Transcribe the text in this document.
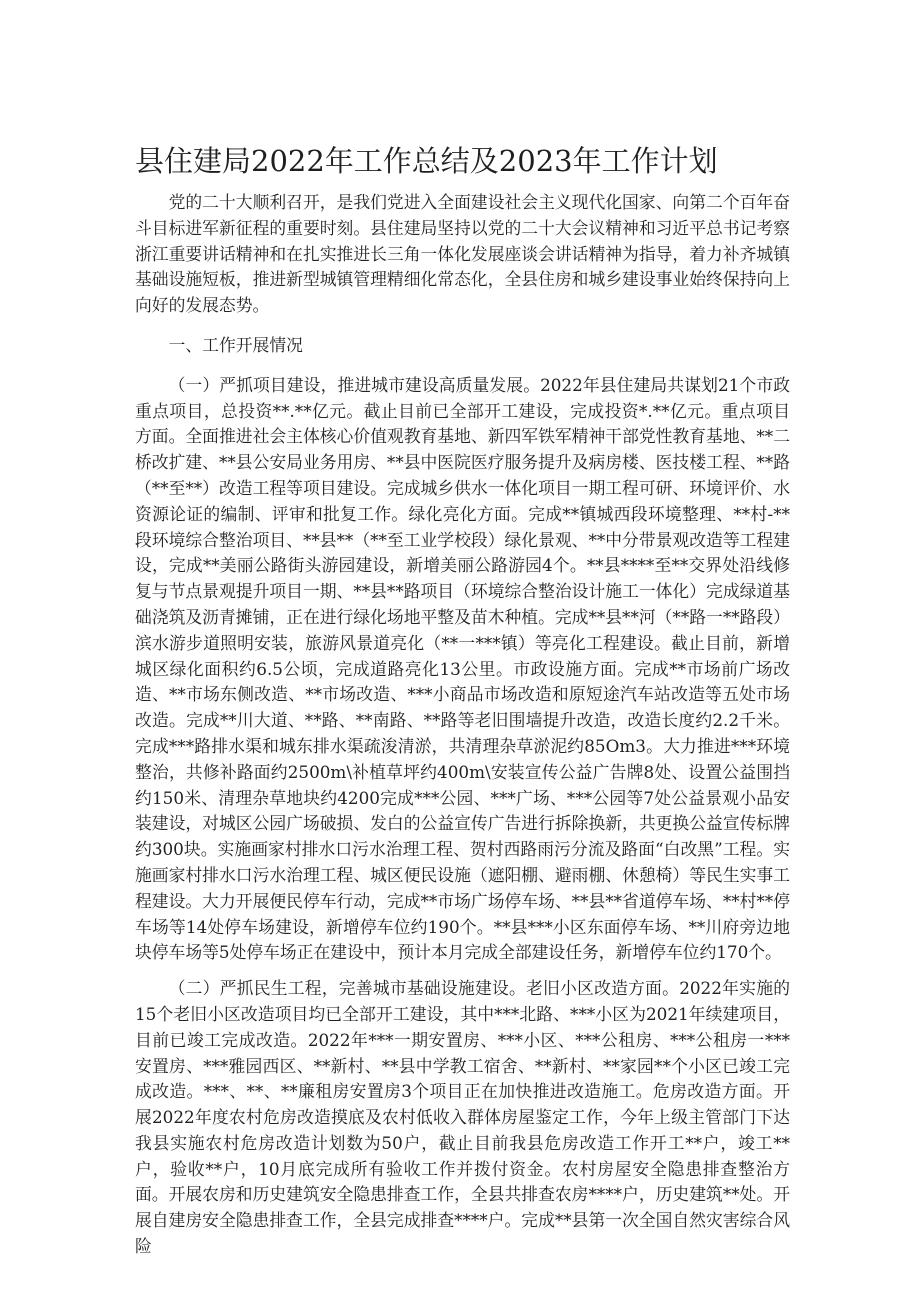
县住建局2022年工作总结及2023年工作计划

党的二十大顺利召开，是我们党进入全面建设社会主义现代化国家、向第二个百年奋斗目标进军新征程的重要时刻。县住建局坚持以党的二十大会议精神和习近平总书记考察浙江重要讲话精神和在扎实推进长三角一体化发展座谈会讲话精神为指导，着力补齐城镇基础设施短板，推进新型城镇管理精细化常态化，全县住房和城乡建设事业始终保持向上向好的发展态势。

一、工作开展情况

（一）严抓项目建设，推进城市建设高质量发展。2022年县住建局共谋划21个市政重点项目，总投资**.**亿元。截止目前已全部开工建设，完成投资*.**亿元。重点项目方面。全面推进社会主体核心价值观教育基地、新四军铁军精神干部党性教育基地、**二桥改扩建、**县公安局业务用房、**县中医院医疗服务提升及病房楼、医技楼工程、**路（**至**）改造工程等项目建设。完成城乡供水一体化项目一期工程可研、环境评价、水资源论证的编制、评审和批复工作。绿化亮化方面。完成**镇城西段环境整理、**村-**段环境综合整治项目、**县**（**至工业学校段）绿化景观、**中分带景观改造等工程建设，完成**美丽公路街头游园建设，新增美丽公路游园4个。**县****至**交界处沿线修复与节点景观提升项目一期、**县**路项目（环境综合整治设计施工一体化）完成绿道基础浇筑及沥青摊铺，正在进行绿化场地平整及苗木种植。完成**县**河（**路一**路段）滨水游步道照明安装，旅游风景道亮化（**一***镇）等亮化工程建设。截止目前，新增城区绿化面积约6.5公顷，完成道路亮化13公里。市政设施方面。完成**市场前广场改造、**市场东侧改造、**市场改造、***小商品市场改造和原短途汽车站改造等五处市场改造。完成**川大道、**路、**南路、**路等老旧围墙提升改造，改造长度约2.2千米。完成***路排水渠和城东排水渠疏浚清淤，共清理杂草淤泥约85Om3。大力推进***环境整治，共修补路面约2500m\补植草坪约400m\安装宣传公益广告牌8处、设置公益围挡约150米、清理杂草地块约4200完成***公园、***广场、***公园等7处公益景观小品安装建设，对城区公园广场破损、发白的公益宣传广告进行拆除换新，共更换公益宣传标牌约300块。实施画家村排水口污水治理工程、贺村西路雨污分流及路面“白改黑”工程。实施画家村排水口污水治理工程、城区便民设施（遮阳棚、避雨棚、休憩椅）等民生实事工程建设。大力开展便民停车行动，完成**市场广场停车场、**县**省道停车场、**村**停车场等14处停车场建设，新增停车位约190个。**县***小区东面停车场、**川府旁边地块停车场等5处停车场正在建设中，预计本月完成全部建设任务，新增停车位约170个。

（二）严抓民生工程，完善城市基础设施建设。老旧小区改造方面。2022年实施的15个老旧小区改造项目均已全部开工建设，其中***北路、***小区为2021年续建项目，目前已竣工完成改造。2022年***一期安置房、***小区、***公租房、***公租房一***安置房、***雅园西区、**新村、**县中学教工宿舍、**新村、**家园**个小区已竣工完成改造。***、**、**廉租房安置房3个项目正在加快推进改造施工。危房改造方面。开展2022年度农村危房改造摸底及农村低收入群体房屋鉴定工作，今年上级主管部门下达我县实施农村危房改造计划数为50户，截止目前我县危房改造工作开工**户，竣工**户，验收**户，10月底完成所有验收工作并拨付资金。农村房屋安全隐患排查整治方面。开展农房和历史建筑安全隐患排查工作，全县共排查农房****户，历史建筑**处。开展自建房安全隐患排查工作，全县完成排查****户。完成**县第一次全国自然灾害综合风险
